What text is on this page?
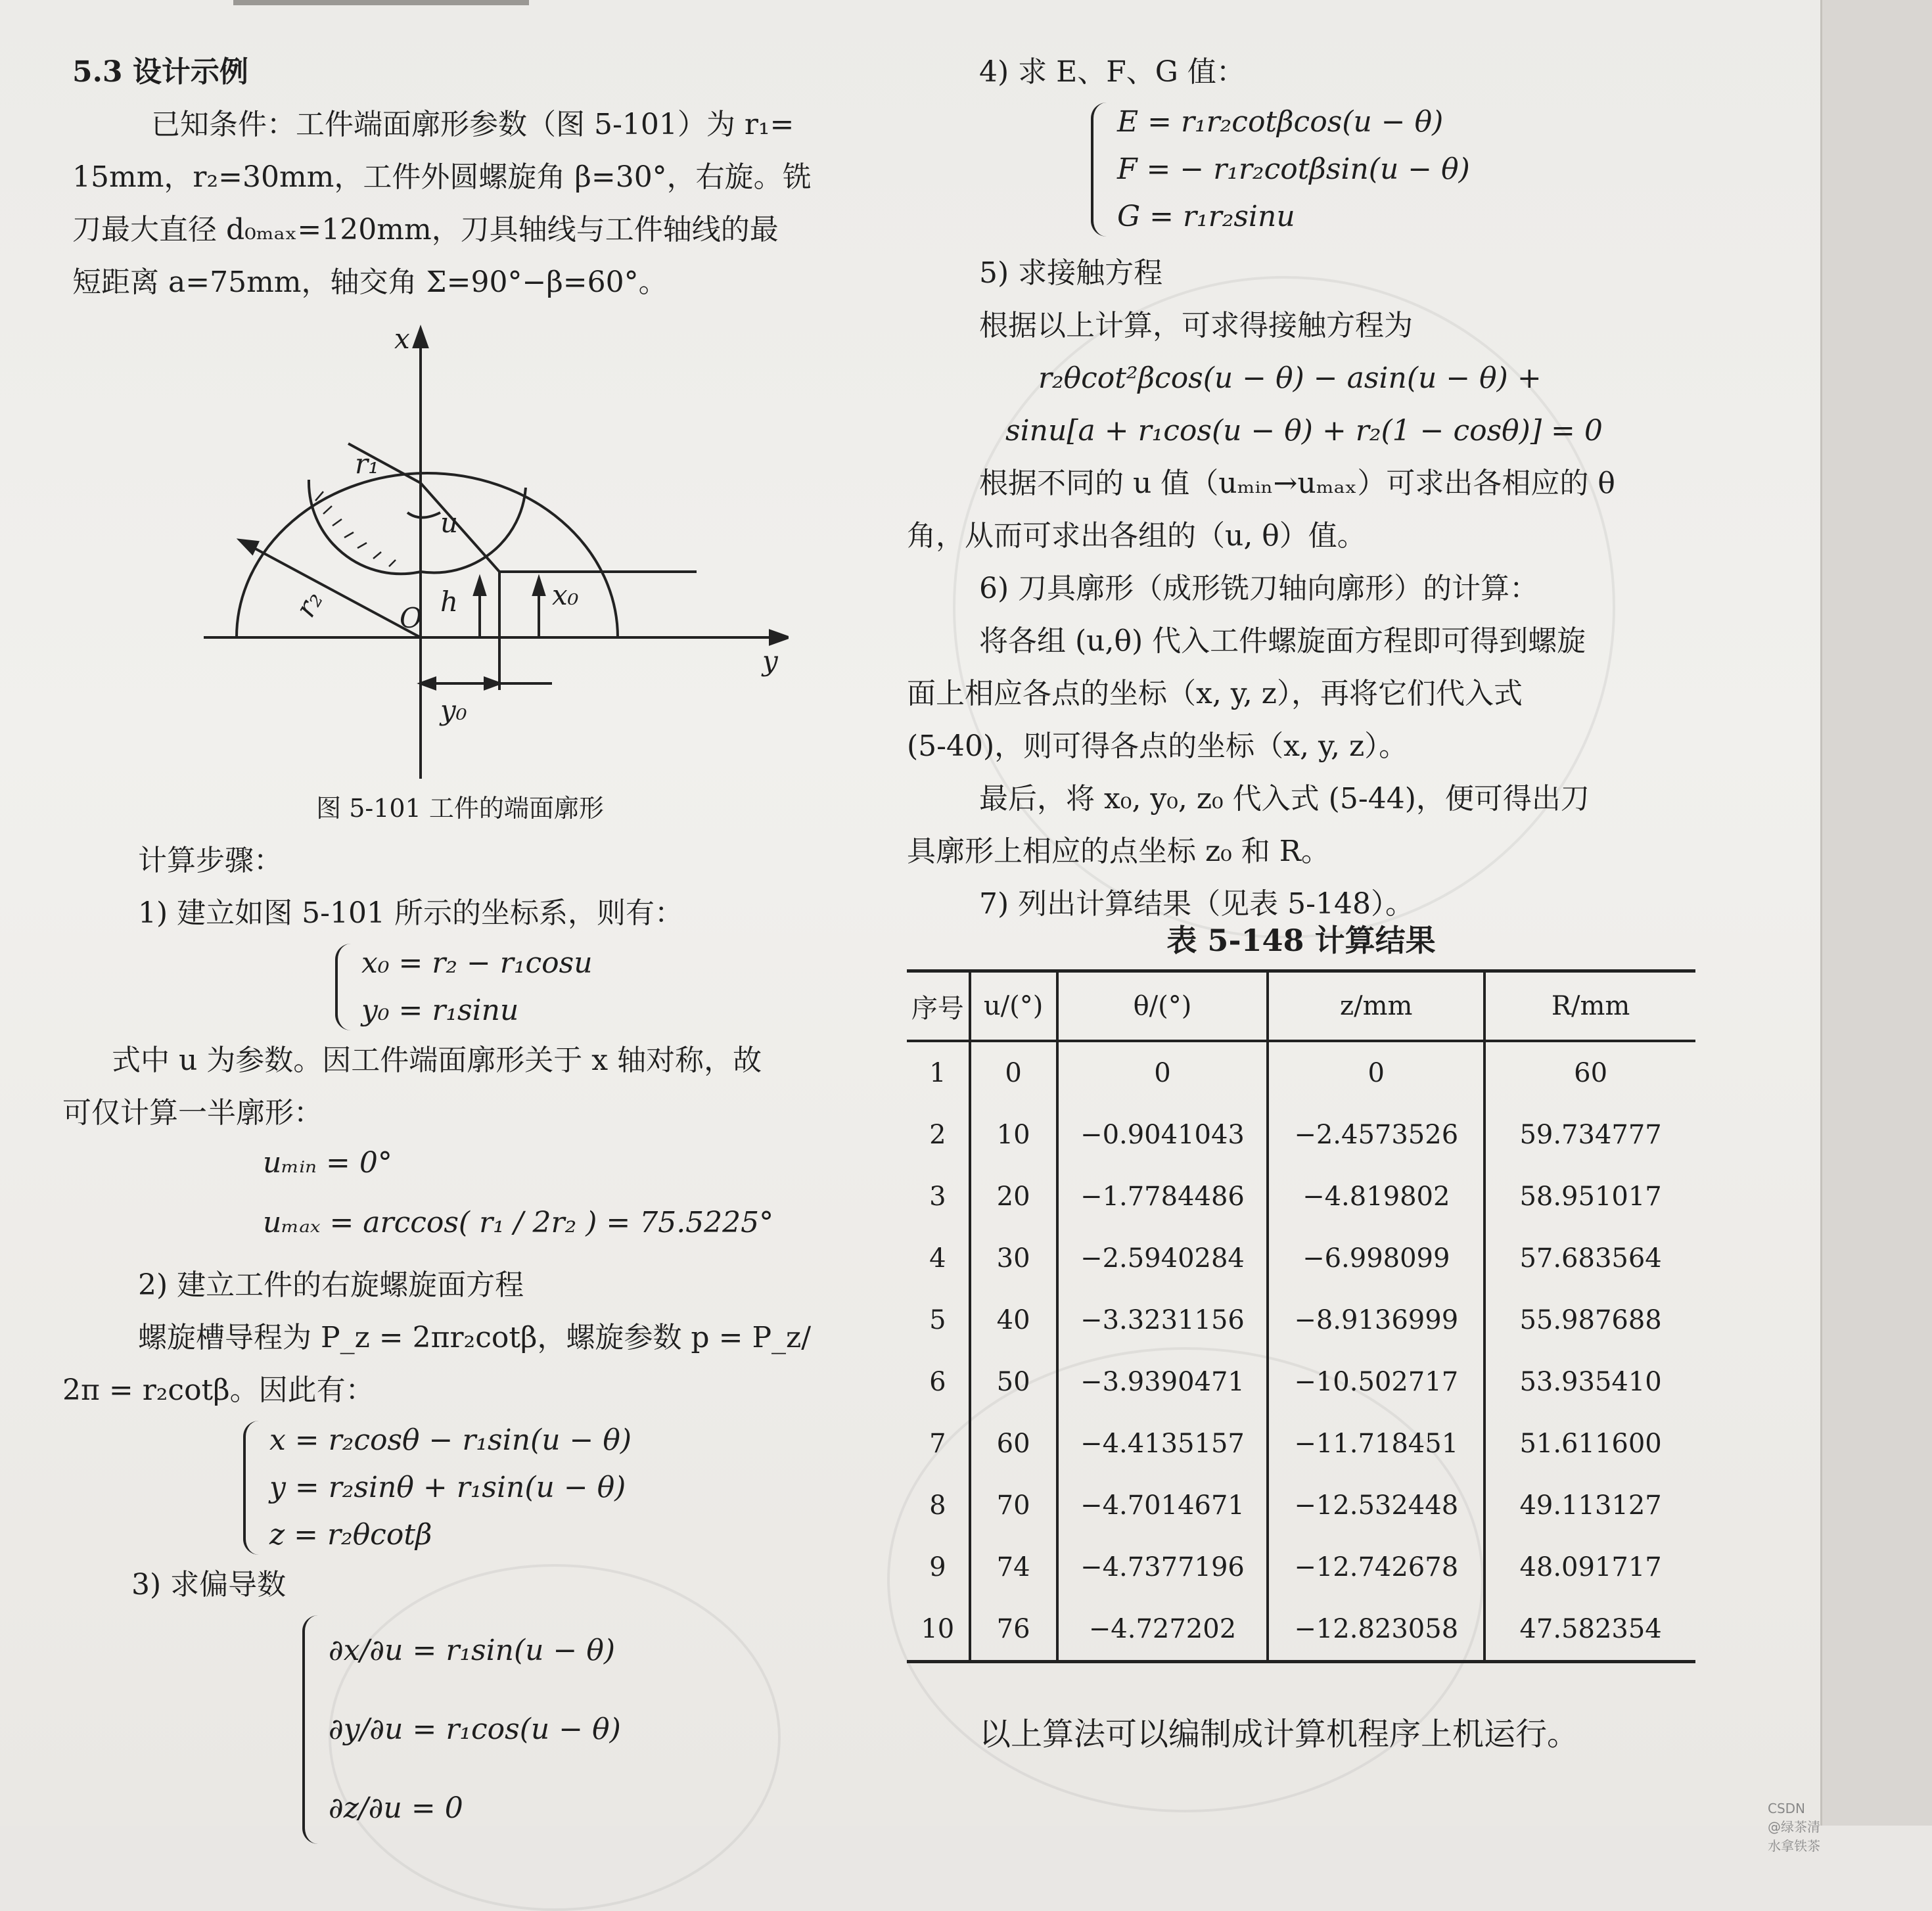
5.3 设计示例

已知条件：工件端面廓形参数（图 5-101）为 r₁=

15mm，r₂=30mm，工件外圆螺旋角 β=30°，右旋。铣

刀最大直径 d₀ₘₐₓ=120mm，刀具轴线与工件轴线的最

短距离 a=75mm，轴交角 Σ=90°−β=60°。

x
y
r₁
r₂
u
h	x₀
O
y₀
图 5-101 工件的端面廓形

计算步骤：

1) 建立如图 5-101 所示的坐标系，则有：

x₀ = r₂ − r₁cosu
y₀ = r₁sinu

式中 u 为参数。因工件端面廓形关于 x 轴对称，故

可仅计算一半廓形：

uₘᵢₙ = 0°
uₘₐₓ = arccos( r₁ / 2r₂ ) = 75.5225°

2) 建立工件的右旋螺旋面方程

螺旋槽导程为 P_z = 2πr₂cotβ，螺旋参数 p = P_z/

2π = r₂cotβ。因此有：

x = r₂cosθ − r₁sin(u − θ)
y = r₂sinθ + r₁sin(u − θ)
z = r₂θcotβ

3) 求偏导数

∂x/∂u = r₁sin(u − θ)
∂y/∂u = r₁cos(u − θ)
∂z/∂u = 0

4) 求 E、F、G 值：

E = r₁r₂cotβcos(u − θ)
F = − r₁r₂cotβsin(u − θ)
G = r₁r₂sinu

5) 求接触方程

根据以上计算，可求得接触方程为

r₂θcot²βcos(u − θ) − asin(u − θ) +
sinu[a + r₁cos(u − θ) + r₂(1 − cosθ)] = 0

根据不同的 u 值（uₘᵢₙ→uₘₐₓ）可求出各相应的 θ

角，从而可求出各组的（u, θ）值。

6) 刀具廓形（成形铣刀轴向廓形）的计算：

将各组 (u,θ) 代入工件螺旋面方程即可得到螺旋

面上相应各点的坐标（x, y, z），再将它们代入式

(5-40)，则可得各点的坐标（x, y, z）。

最后，将 x₀, y₀, z₀ 代入式 (5-44)，便可得出刀

具廓形上相应的点坐标 z₀ 和 R。

7) 列出计算结果（见表 5-148）。

表 5-148 计算结果
序号	u/(°)	θ/(°)	z/mm	R/mm
1	0	0	0	60
2	10	−0.9041043	−2.4573526	59.734777
3	20	−1.7784486	−4.819802	58.951017
4	30	−2.5940284	−6.998099	57.683564
5	40	−3.3231156	−8.9136999	55.987688
6	50	−3.9390471	−10.502717	53.935410
7	60	−4.4135157	−11.718451	51.611600
8	70	−4.7014671	−12.532448	49.113127
9	74	−4.7377196	−12.742678	48.091717
10	76	−4.727202	−12.823058	47.582354
以上算法可以编制成计算机程序上机运行。
CSDN @绿茶清水拿铁茶
